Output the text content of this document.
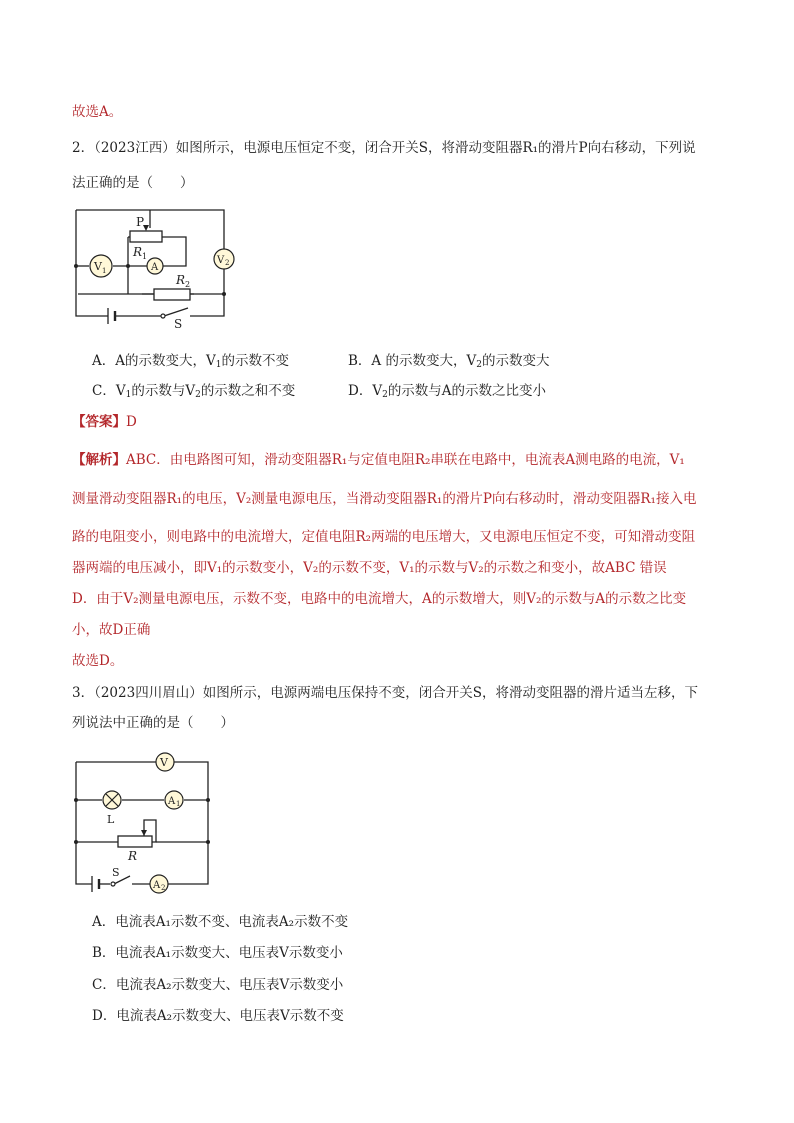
故选A。
2．（2023江西）如图所示，电源电压恒定不变，闭合开关S，将滑动变阻器R₁的滑片P向右移动，下列说
法正确的是（　　）
P
R 1
A
V 1
V 2
R 2
S
A．A的示数变大，$V_1$的示数不变	B．A 的示数变大，$V_2$的示数变大
C．$V_1$的示数与$V_2$的示数之和不变	D．$V_2$的示数与A的示数之比变小
【答案】D
【解析】ABC．由电路图可知，滑动变阻器R₁与定值电阻R₂串联在电路中，电流表A测电路的电流，V₁
测量滑动变阻器R₁的电压，V₂测量电源电压，当滑动变阻器R₁的滑片P向右移动时，滑动变阻器R₁接入电
路的电阻变小，则电路中的电流增大，定值电阻R₂两端的电压增大，又电源电压恒定不变，可知滑动变阻
器两端的电压减小，即V₁的示数变小，V₂的示数不变，V₁的示数与V₂的示数之和变小，故ABC 错误
D．由于V₂测量电源电压，示数不变，电路中的电流增大，A的示数增大，则V₂的示数与A的示数之比变
小，故D正确
故选D。
3．（2023四川眉山）如图所示，电源两端电压保持不变，闭合开关S，将滑动变阻器的滑片适当左移，下
列说法中正确的是（　　）
V
L
A 1
R
S
A 2
A．电流表A₁示数不变、电流表A₂示数不变
B．电流表A₁示数变大、电压表V示数变小
C．电流表A₂示数变大、电压表V示数变小
D．电流表A₂示数变大、电压表V示数不变
